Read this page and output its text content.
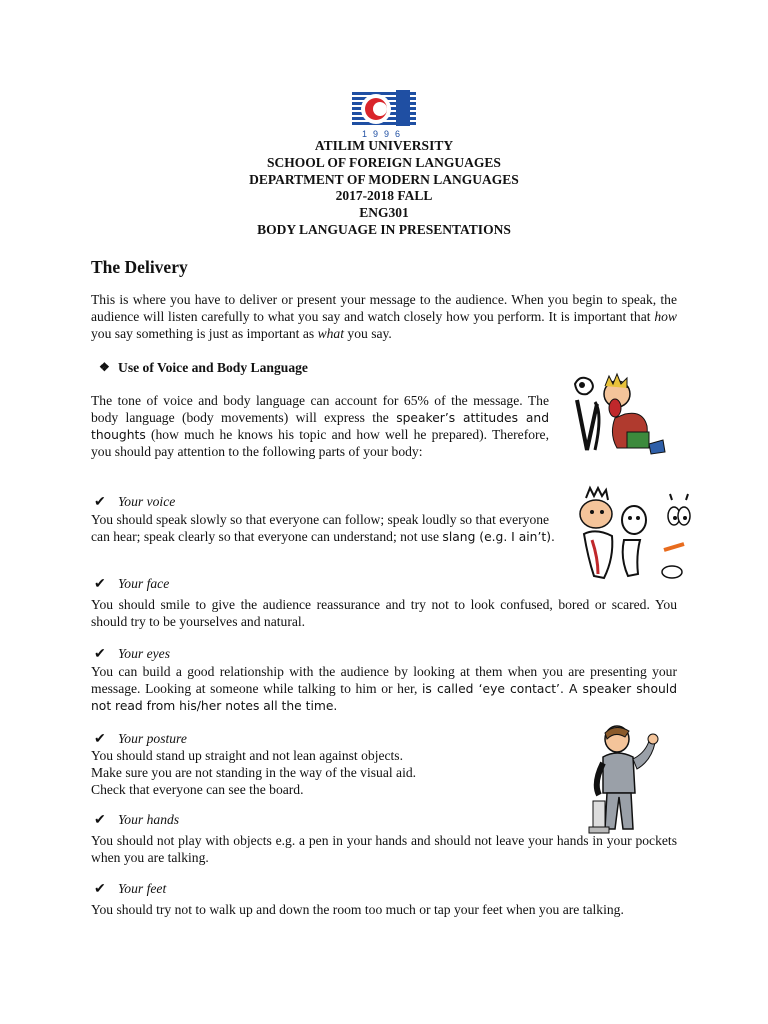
1996
ATILIM UNIVERSITY
SCHOOL OF FOREIGN LANGUAGES
DEPARTMENT OF MODERN LANGUAGES
2017-2018 FALL
ENG301
BODY LANGUAGE IN PRESENTATIONS
The Delivery
This is where you have to deliver or present your message to the audience. When you begin to speak, the audience will listen carefully to what you say and watch closely how you perform. It is important that how you say something is just as important as what you say.
❖ Use of Voice and Body Language
The tone of voice and body language can account for 65% of the message. The body language (body movements) will express the speaker’s attitudes and thoughts (how much he knows his topic and how well he prepared). Therefore, you should pay attention to the following parts of your body:
✔ Your voice
You should speak slowly so that everyone can follow; speak loudly so that everyone can hear; speak clearly so that everyone can understand; not use slang (e.g. I ain’t).
✔ Your face
You should smile to give the audience reassurance and try not to look confused, bored or scared. You should try to be yourselves and natural.
✔ Your eyes
You can build a good relationship with the audience by looking at them when you are presenting your message. Looking at someone while talking to him or her, is called ‘eye contact’. A speaker should not read from his/her notes all the time.
✔ Your posture
You should stand up straight and not lean against objects.
Make sure you are not standing in the way of the visual aid.
Check that everyone can see the board.
✔ Your hands
You should not play with objects e.g. a pen in your hands and should not leave your hands in your pockets when you are talking.
✔ Your feet
You should try not to walk up and down the room too much or tap your feet when you are talking.
